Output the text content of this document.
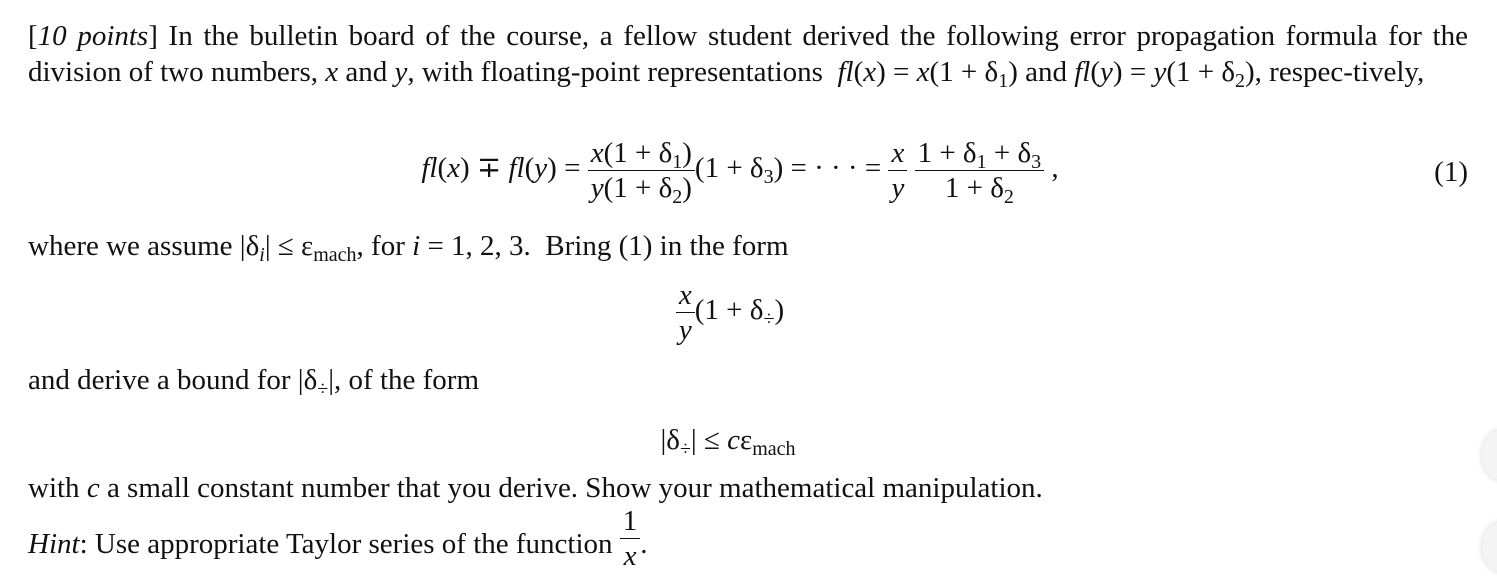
[10 points] In the bulletin board of the course, a fellow student derived the following error propagation formula for the division of two numbers, x and y, with floating-point representations $fl(x) = x(1 + \delta_1)$ and $fl(y) = y(1 + \delta_2)$, respec-tively,

$fl(x) \mp fl(y) = \frac{x(1 + \delta_1)}{y(1 + \delta_2)} (1 + \delta_3)$ = · · · = $\frac{x}{y}$
$\frac{1 + \delta_1 + \delta_3}{1 + \delta_2}$ ,	(1)
where we assume $|\delta_i| \le \varepsilon_{mach}$, for i = 1, 2, 3.  Bring (1) in the form
$\frac{x}{y} (1 + \delta_\div)$
and derive a bound for $|\delta_\div|$, of the form
$|\delta_\div| \le c\varepsilon_{mach}$
with c a small constant number that you derive. Show your mathematical manipulation.
Hint: Use appropriate Taylor series of the function $\frac{1}{x}$ .
